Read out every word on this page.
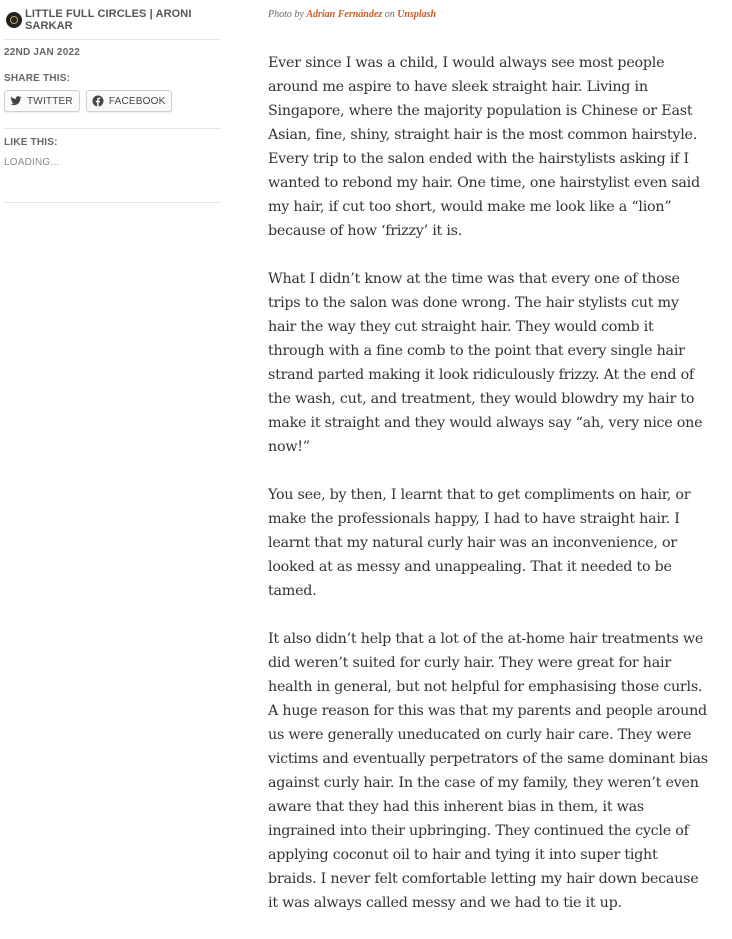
LITTLE FULL CIRCLES | ARONI SARKAR
22ND JAN 2022
SHARE THIS:
TWITTER	FACEBOOK
LIKE THIS:
LOADING...
Photo by Adrian Fernández on Unsplash

Ever since I was a child, I would always see most people around me aspire to have sleek straight hair. Living in Singapore, where the majority population is Chinese or East Asian, fine, shiny, straight hair is the most common hairstyle. Every trip to the salon ended with the hairstylists asking if I wanted to rebond my hair. One time, one hairstylist even said my hair, if cut too short, would make me look like a “lion” because of how ‘frizzy’ it is.

What I didn’t know at the time was that every one of those trips to the salon was done wrong. The hair stylists cut my hair the way they cut straight hair. They would comb it through with a fine comb to the point that every single hair strand parted making it look ridiculously frizzy. At the end of the wash, cut, and treatment, they would blowdry my hair to make it straight and they would always say “ah, very nice one now!”

You see, by then, I learnt that to get compliments on hair, or make the professionals happy, I had to have straight hair. I learnt that my natural curly hair was an inconvenience, or looked at as messy and unappealing. That it needed to be tamed.

It also didn’t help that a lot of the at-home hair treatments we did weren’t suited for curly hair. They were great for hair health in general, but not helpful for emphasising those curls. A huge reason for this was that my parents and people around us were generally uneducated on curly hair care. They were victims and eventually perpetrators of the same dominant bias against curly hair. In the case of my family, they weren’t even aware that they had this inherent bias in them, it was ingrained into their upbringing. They continued the cycle of applying coconut oil to hair and tying it into super tight braids. I never felt comfortable letting my hair down because it was always called messy and we had to tie it up.
